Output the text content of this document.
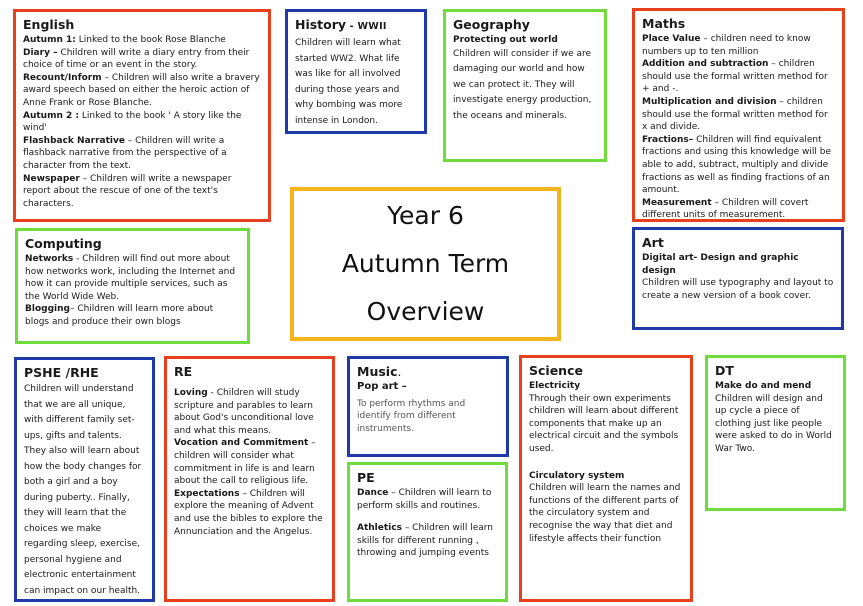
English

Autumn 1: Linked to the book Rose Blanche

Diary – Children will write a diary entry from their choice of time or an event in the story.

Recount/Inform – Children will also write a bravery award speech based on either the heroic action of Anne Frank or Rose Blanche.

Autumn 2 : Linked to the book ' A story like the wind'

Flashback Narrative – Children will write a flashback narrative from the perspective of a character from the text.

Newspaper – Children will write a newspaper report about the rescue of one of the text's characters.

History - WWII

Children will learn what started WW2. What life was like for all involved during those years and why bombing was more intense in London.

Geography

Protecting out world

Children will consider if we are damaging our world and how we can protect it. They will investigate energy production, the oceans and minerals.

Maths

Place Value – children need to know numbers up to ten million

Addition and subtraction – children should use the formal written method for + and -.

Multiplication and division – children should use the formal written method for x and divide.

Fractions– Children will find equivalent fractions and using this knowledge will be able to add, subtract, multiply and divide fractions as well as finding fractions of an amount.

Measurement – Children will covert different units of measurement.

Computing

Networks - Children will find out more about how networks work, including the Internet and how it can provide multiple services, such as the World Wide Web.

Blogging– Children will learn more about blogs and produce their own blogs

Year 6
Autumn Term
Overview
Art

Digital art- Design and graphic design

Children will use typography and layout to create a new version of a book cover.

PSHE /RHE

Children will understand that we are all unique, with different family set-ups, gifts and talents. They also will learn about how the body changes for both a girl and a boy during puberty.. Finally, they will learn that the choices we make regarding sleep, exercise, personal hygiene and electronic entertainment can impact on our health.

RE

Loving - Children will study scripture and parables to learn about God's unconditional love and what this means.

Vocation and Commitment – children will consider what commitment in life is and learn about the call to religious life.

Expectations – Children will explore the meaning of Advent and use the bibles to explore the Annunciation and the Angelus.

Music.

Pop art –

To perform rhythms and identify from different instruments.

PE

Dance – Children will learn to perform skills and routines.

Athletics – Children will learn skills for different running , throwing and jumping events

Science

Electricity

Through their own experiments children will learn about different components that make up an electrical circuit and the symbols used.

Circulatory system

Children will learn the names and functions of the different parts of the circulatory system and recognise the way that diet and lifestyle affects their function

DT

Make do and mend

Children will design and up cycle a piece of clothing just like people were asked to do in World War Two.
